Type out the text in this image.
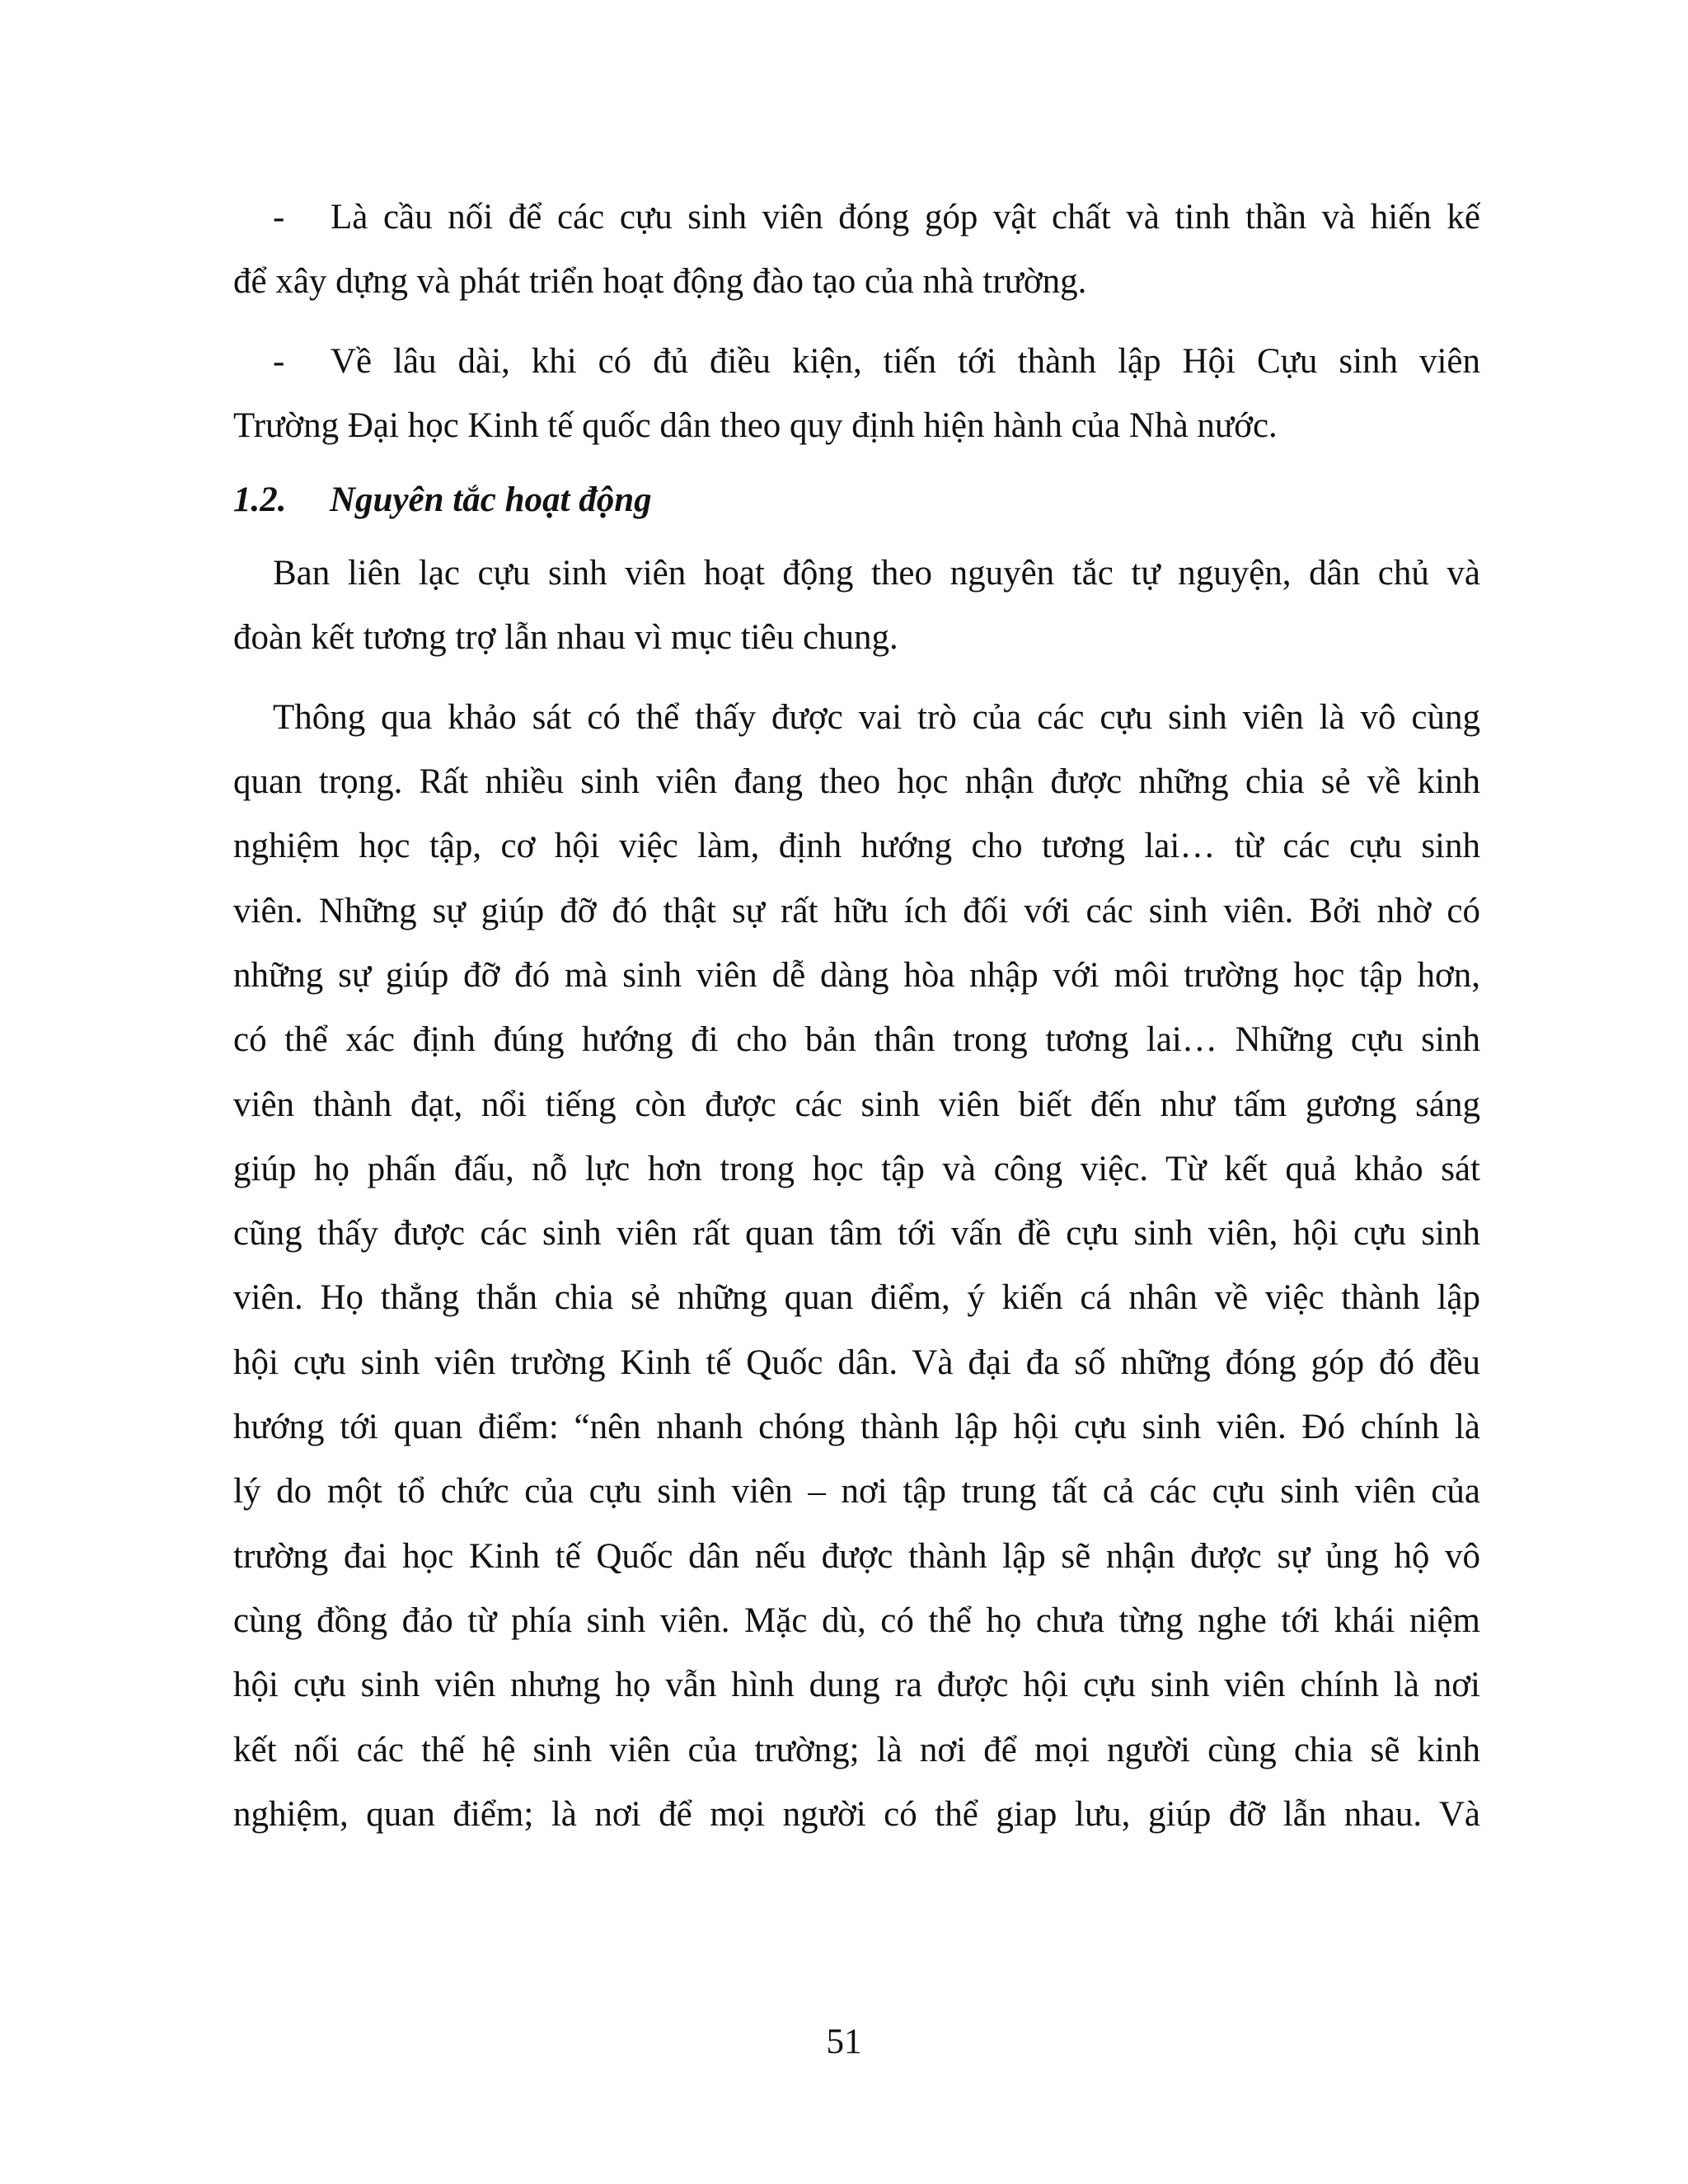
- Là cầu nối để các cựu sinh viên đóng góp vật chất và tinh thần và hiến kế
để xây dựng và phát triển hoạt động đào tạo của nhà trường.
- Về lâu dài, khi có đủ điều kiện, tiến tới thành lập Hội Cựu sinh viên
Trường Đại học Kinh tế quốc dân theo quy định hiện hành của Nhà nước.
1.2. Nguyên tắc hoạt động
Ban liên lạc cựu sinh viên hoạt động theo nguyên tắc tự nguyện, dân chủ và
đoàn kết tương trợ lẫn nhau vì mục tiêu chung.
Thông qua khảo sát có thể thấy được vai trò của các cựu sinh viên là vô cùng
quan trọng. Rất nhiều sinh viên đang theo học nhận được những chia sẻ về kinh
nghiệm học tập, cơ hội việc làm, định hướng cho tương lai… từ các cựu sinh
viên. Những sự giúp đỡ đó thật sự rất hữu ích đối với các sinh viên. Bởi nhờ có
những sự giúp đỡ đó mà sinh viên dễ dàng hòa nhập với môi trường học tập hơn,
có thể xác định đúng hướng đi cho bản thân trong tương lai… Những cựu sinh
viên thành đạt, nổi tiếng còn được các sinh viên biết đến như tấm gương sáng
giúp họ phấn đấu, nỗ lực hơn trong học tập và công việc. Từ kết quả khảo sát
cũng thấy được các sinh viên rất quan tâm tới vấn đề cựu sinh viên, hội cựu sinh
viên. Họ thẳng thắn chia sẻ những quan điểm, ý kiến cá nhân về việc thành lập
hội cựu sinh viên trường Kinh tế Quốc dân. Và đại đa số những đóng góp đó đều
hướng tới quan điểm: “nên nhanh chóng thành lập hội cựu sinh viên. Đó chính là
lý do một tổ chức của cựu sinh viên – nơi tập trung tất cả các cựu sinh viên của
trường đai học Kinh tế Quốc dân nếu được thành lập sẽ nhận được sự ủng hộ vô
cùng đồng đảo từ phía sinh viên. Mặc dù, có thể họ chưa từng nghe tới khái niệm
hội cựu sinh viên nhưng họ vẫn hình dung ra được hội cựu sinh viên chính là nơi
kết nối các thế hệ sinh viên của trường; là nơi để mọi người cùng chia sẽ kinh
nghiệm, quan điểm; là nơi để mọi người có thể giap lưu, giúp đỡ lẫn nhau. Và
51
